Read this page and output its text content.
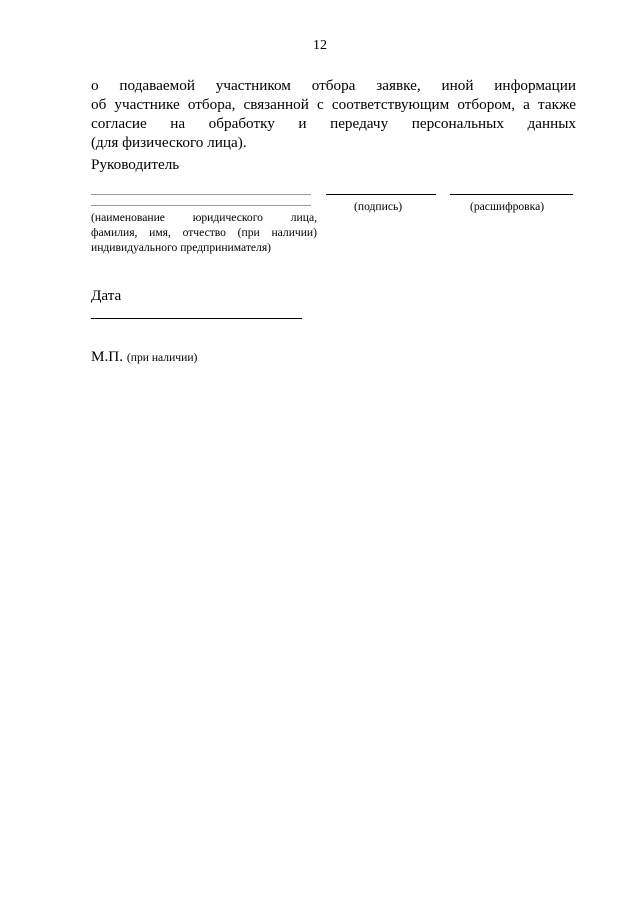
12
о подаваемой участником отбора заявке, иной информации
об участнике отбора, связанной с соответствующим отбором, а также
согласие на обработку и передачу персональных данных
(для физического лица).
Руководитель
(наименование юридического лица,
фамилия, имя, отчество (при наличии)
индивидуального предпринимателя)
(подпись)	(расшифровка)
Дата
М.П. (при наличии)
